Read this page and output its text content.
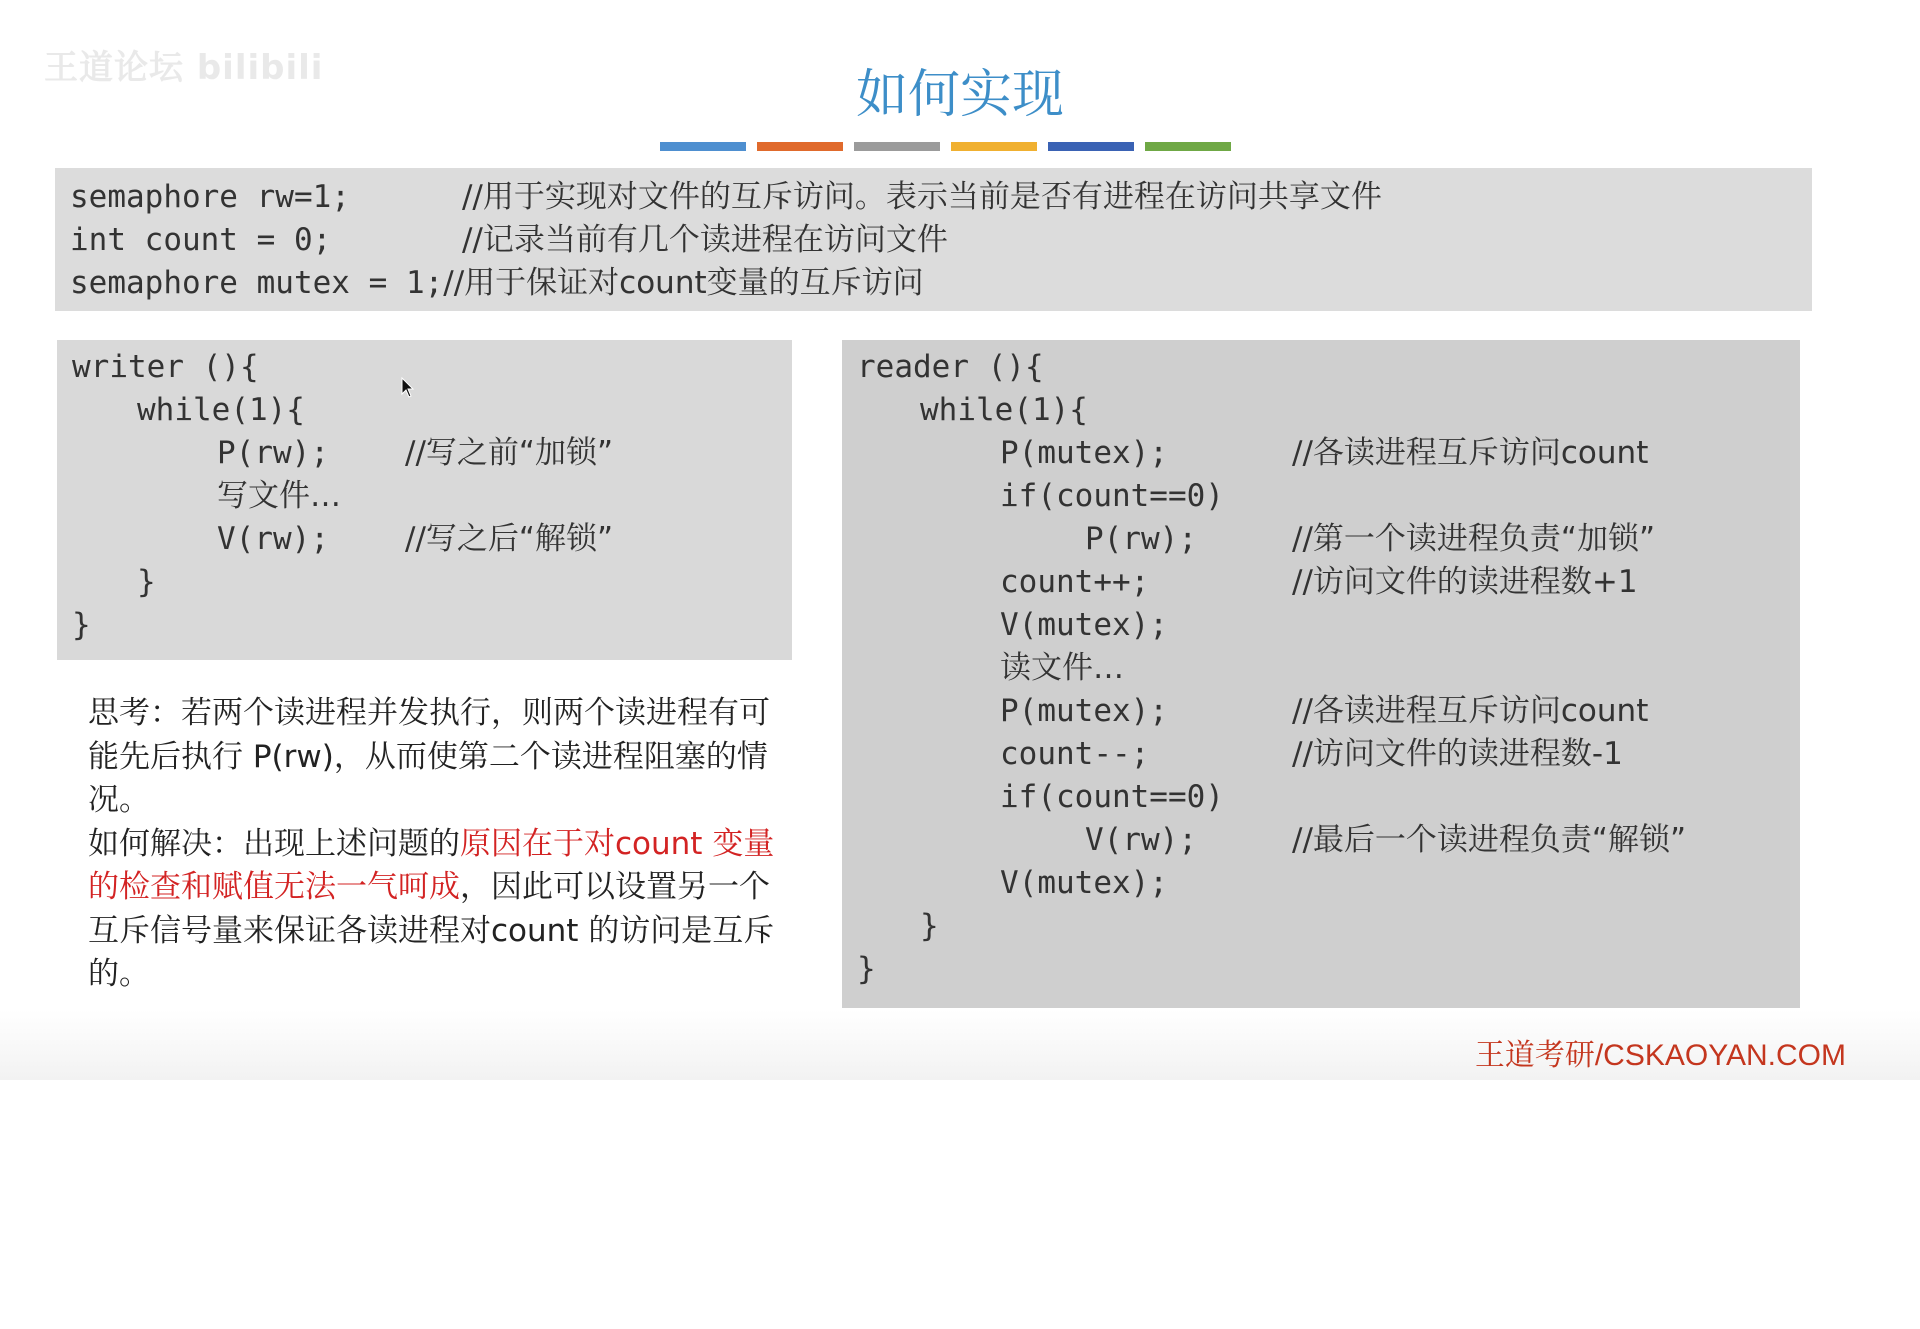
王道论坛 bilibili	如何实现

semaphore rw=1;      //用于实现对文件的互斥访问。表示当前是否有进程在访问共享文件

int count = 0;       //记录当前有几个读进程在访问文件

semaphore mutex = 1;//用于保证对count变量的互斥访问

writer (){

while(1){

P(rw);

//写之前“加锁”

写文件…

V(rw);

//写之后“解锁”

}

}

reader (){

while(1){

P(mutex);

	//各读进程互斥访问count

if(count==0)

P(rw);

	//第一个读进程负责“加锁”

count++;

	//访问文件的读进程数+1

V(mutex);

读文件…

P(mutex);

	//各读进程互斥访问count

count--;

	//访问文件的读进程数-1

if(count==0)

V(rw);

	//最后一个读进程负责“解锁”

V(mutex);

}

}

思考：若两个读进程并发执行，则两个读进程有可能先后执行 P(rw)，从而使第二个读进程阻塞的情况。
如何解决：出现上述问题的原因在于对count 变量的检查和赋值无法一气呵成，因此可以设置另一个互斥信号量来保证各读进程对count 的访问是互斥的。
王道考研/CSKAOYAN.COM
